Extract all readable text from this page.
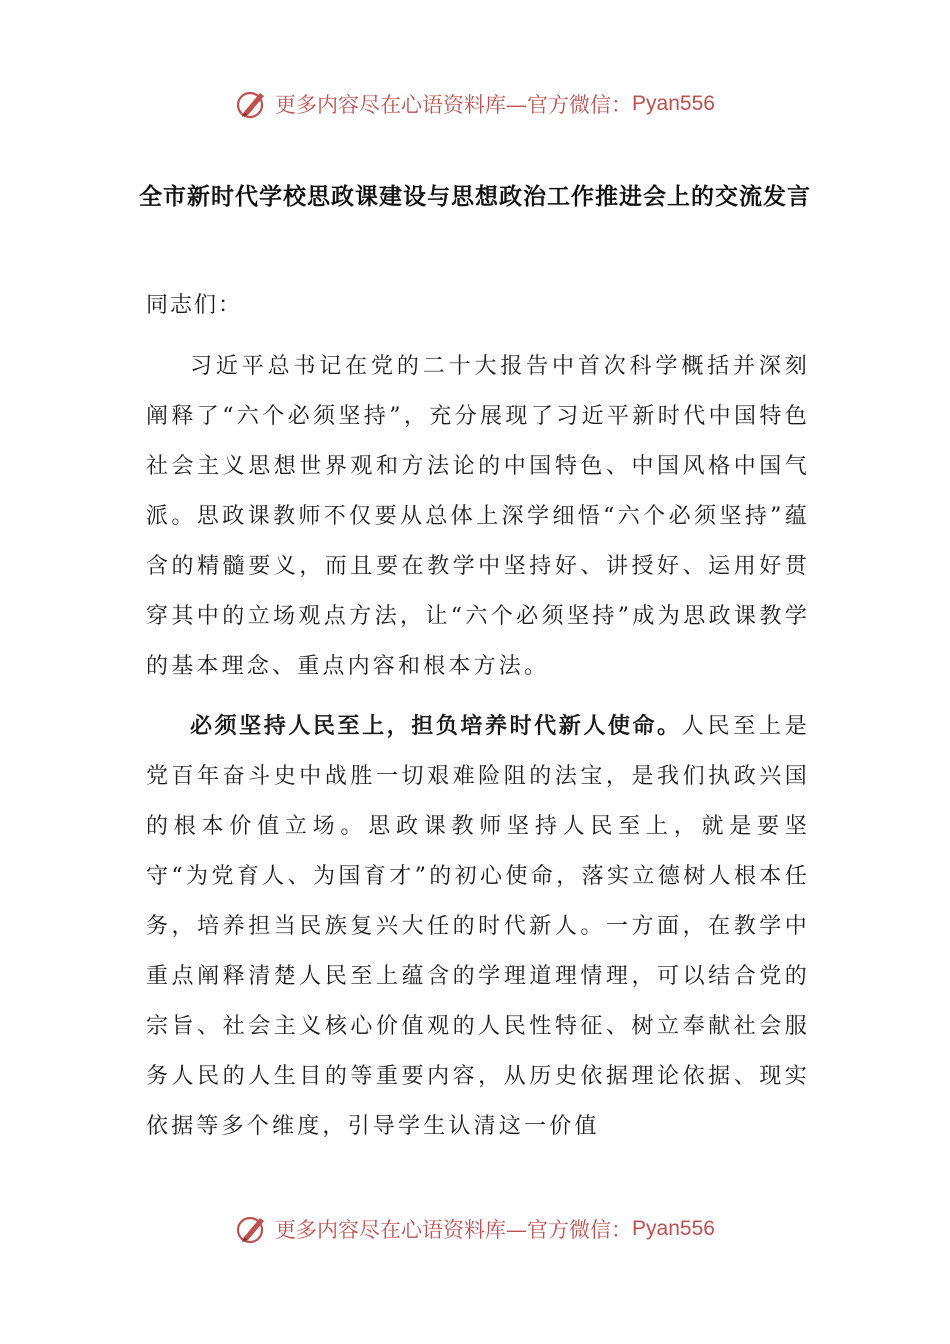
更多内容尽在心语资料库—官方微信： Pyan556
全市新时代学校思政课建设与思想政治工作推进会上的交流发言
同志们：

习近平总书记在党的二十大报告中首次科学概括并深刻阐释了“六个必须坚持”，充分展现了习近平新时代中国特色社会主义思想世界观和方法论的中国特色、中国风格中国气派。思政课教师不仅要从总体上深学细悟“六个必须坚持”蕴含的精髓要义，而且要在教学中坚持好、讲授好、运用好贯穿其中的立场观点方法，让“六个必须坚持”成为思政课教学的基本理念、重点内容和根本方法。

必须坚持人民至上，担负培养时代新人使命。人民至上是党百年奋斗史中战胜一切艰难险阻的法宝，是我们执政兴国的根本价值立场。思政课教师坚持人民至上，就是要坚守“为党育人、为国育才”的初心使命，落实立德树人根本任务，培养担当民族复兴大任的时代新人。一方面，在教学中重点阐释清楚人民至上蕴含的学理道理情理，可以结合党的宗旨、社会主义核心价值观的人民性特征、树立奉献社会服务人民的人生目的等重要内容，从历史依据理论依据、现实依据等多个维度，引导学生认清这一价值

更多内容尽在心语资料库—官方微信： Pyan556
